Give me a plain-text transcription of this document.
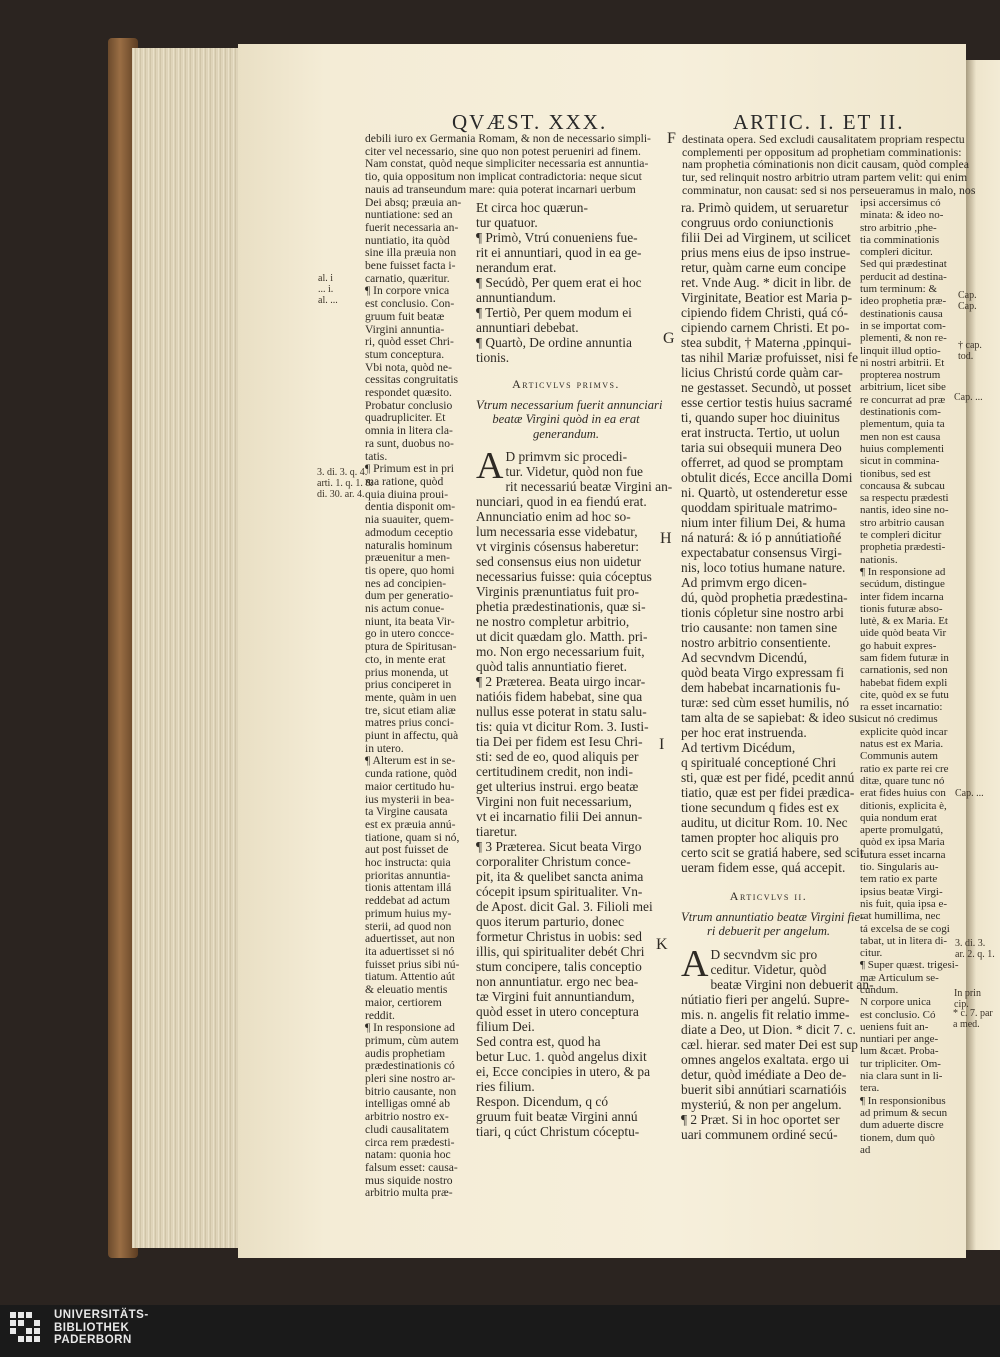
QVÆST. XXX.	ARTIC. I. ET II.

debili iuro ex Germania Romam, & non de necessario simpli-

citer vel necessario, sine quo non potest perueniri ad finem.

Nam constat, quòd neque simpliciter necessaria est annuntia-

tio, quia oppositum non implicat contradictoria: neque sicut

nauis ad transeundum mare: quia poterat incarnari uerbum

Dei absq; præuia an-

nuntiatione: sed an

fuerit necessaria an-

nuntiatio, ita quòd

sine illa præuia non

bene fuisset facta i-

carnatio, quæritur.

¶ In corpore vnica

est conclusio. Con-

gruum fuit beatæ

Virgini annuntia-

ri, quòd esset Chri-

stum conceptura.

Vbi nota, quòd ne-

cessitas congruitatis

respondet quæsito.

Probatur conclusio

quadrupliciter. Et

omnia in litera cla-

ra sunt, duobus no-

tatis.

¶ Primum est in pri

ma ratione, quòd

quia diuina proui-

dentia disponit om-

nia suauiter, quem-

admodum ceceptio

naturalis hominum

præuenitur a men-

tis opere, quo homi

nes ad concipien-

dum per generatio-

nis actum conue-

niunt, ita beata Vir-

go in utero concce-

ptura de Spiritusan-

cto, in mente erat

prius monenda, ut

prius conciperet in

mente, quàm in uen

tre, sicut etiam aliæ

matres prius conci-

piunt in affectu, quà

in utero.

¶ Alterum est in se-

cunda ratione, quòd

maior certitudo hu-

ius mysterii in bea-

ta Virgine causata

est ex præuia annú-

tiatione, quam si nó,

aut post fuisset de

hoc instructa: quia

prioritas annuntia-

tionis attentam illá

reddebat ad actum

primum huius my-

sterii, ad quod non

aduertisset, aut non

ita aduertisset si nó

fuisset prius sibi nú-

tiatum. Attentio aút

& eleuatio mentis

maior, certiorem

reddit.

¶ In responsione ad

primum, cùm autem

audis prophetiam

prædestinationis có

pleri sine nostro ar-

bitrio causante, non

intelligas omné ab

arbitrio nostro ex-

cludi causalitatem

circa rem prædesti-

natam: quonia hoc

falsum esset: causa-

mus siquide nostro

arbitrio multa præ-

F
G
H
I
K

Et circa hoc quærun-

tur quatuor.

¶ Primò, Vtrú conueniens fue-

rit ei annuntiari, quod in ea ge-

nerandum erat.

¶ Secúdò, Per quem erat ei hoc

annuntiandum.

¶ Tertiò, Per quem modum ei

annuntiari debebat.

¶ Quartò, De ordine annuntia

tionis.

Articvlvs primvs.

Vtrum necessarium fuerit annunciari

beatæ Virgini quòd in ea erat

generandum.

A D primvm sic procedi-

tur. Videtur, quòd non fue

rit necessariú beatæ Virgini an-

nunciari, quod in ea fiendú erat.

Annunciatio enim ad hoc so-

lum necessaria esse videbatur,

vt virginis cósensus haberetur:

sed consensus eius non uidetur

necessarius fuisse: quia cóceptus

Virginis prænuntiatus fuit pro-

phetia prædestinationis, quæ si-

ne nostro completur arbitrio,

ut dicit quædam glo. Matth. pri-

mo. Non ergo necessarium fuit,

quòd talis annuntiatio fieret.

¶ 2 Præterea. Beata uirgo incar-

natióis fidem habebat, sine qua

nullus esse poterat in statu salu-

tis: quia vt dicitur Rom. 3. Iusti-

tia Dei per fidem est Iesu Chri-

sti: sed de eo, quod aliquis per

certitudinem credit, non indi-

get ulterius instrui. ergo beatæ

Virgini non fuit necessarium,

vt ei incarnatio filii Dei annun-

tiaretur.

¶ 3 Præterea. Sicut beata Virgo

corporaliter Christum conce-

pit, ita & quelibet sancta anima

cócepit ipsum spiritualiter. Vn-

de Apost. dicit Gal. 3. Filioli mei

quos iterum parturio, donec

formetur Christus in uobis: sed

illis, qui spiritualiter debét Chri

stum concipere, talis conceptio

non annuntiatur. ergo nec bea-

tæ Virgini fuit annuntiandum,

quòd esset in utero conceptura

filium Dei.

Sed contra est, quod ha

betur Luc. 1. quòd angelus dixit

ei, Ecce concipies in utero, & pa

ries filium.

Respon. Dicendum, q có

gruum fuit beatæ Virgini annú

tiari, q cúct Christum cóceptu-

ra. Primò quidem, ut seruaretur

congruus ordo coniunctionis

filii Dei ad Virginem, ut scilicet

prius mens eius de ipso instrue-

retur, quàm carne eum concipe

ret. Vnde Aug. * dicit in libr. de

Virginitate, Beatior est Maria p-

cipiendo fidem Christi, quá có-

cipiendo carnem Christi. Et po-

stea subdit, † Materna ,ppinqui-

tas nihil Mariæ profuisset, nisi fe

licius Christú corde quàm car-

ne gestasset. Secundò, ut posset

esse certior testis huius sacramé

ti, quando super hoc diuinitus

erat instructa. Tertio, ut uolun

taria sui obsequii munera Deo

offerret, ad quod se promptam

obtulit dicés, Ecce ancilla Domi

ni. Quartò, ut ostenderetur esse

quoddam spirituale matrimo-

nium inter filium Dei, & huma

ná naturá: & ió p annútiatioñé

expectabatur consensus Virgi-

nis, loco totius humane nature.

Ad primvm ergo dicen-

dú, quòd prophetia prædestina-

tionis cópletur sine nostro arbi

trio causante: non tamen sine

nostro arbitrio consentiente.

Ad secvndvm Dicendú,

quòd beata Virgo expressam fi

dem habebat incarnationis fu-

turæ: sed cùm esset humilis, nó

tam alta de se sapiebat: & ideo su

per hoc erat instruenda.

Ad tertivm Dicédum,

q spiritualé conceptioné Chri

sti, quæ est per fidé, pcedit annú

tiatio, quæ est per fidei prædica-

tione secundum q fides est ex

auditu, ut dicitur Rom. 10. Nec

tamen propter hoc aliquis pro

certo scit se gratiá habere, sed scit

ueram fidem esse, quá accepit.

Articvlvs ii.

Vtrum annuntiatio beatæ Virgini fie-

ri debuerit per angelum.

A D secvndvm sic pro

ceditur. Videtur, quòd

beatæ Virgini non debuerit an-

nútiatio fieri per angelú. Supre-

mis. n. angelis fit relatio imme-

diate a Deo, ut Dion. * dicit 7. c.

cæl. hierar. sed mater Dei est sup

omnes angelos exaltata. ergo ui

detur, quòd imédiate a Deo de-

buerit sibi annútiari scarnatióis

mysteriú, & non per angelum.

¶ 2 Præt. Si in hoc oportet ser

uari communem ordiné secú-

destinata opera. Sed excludi causalitatem propriam respectu

complementi per oppositum ad prophetiam comminationis:

nam prophetia cóminationis non dicit causam, quòd complea

tur, sed relinquit nostro arbitrio utram partem velit: qui enim

comminatur, non causat: sed si nos perseueramus in malo, nos

ipsi accersimus có

minata: & ideo no-

stro arbitrio ,phe-

tia comminationis

compleri dicitur.

Sed qui prædestinat

perducit ad destina-

tum terminum: &

ideo prophetia præ-

destinationis causa

in se importat com-

plementi, & non re-

linquit illud optio-

ni nostri arbitrii. Et

propterea nostrum

arbitrium, licet sibe

re concurrat ad præ

destinationis com-

plementum, quia ta

men non est causa

huius complementi

sicut in commina-

tionibus, sed est

concausa & subcau

sa respectu prædesti

nantis, ideo sine no-

stro arbitrio causan

te compleri dicitur

prophetia prædesti-

nationis.

¶ In responsione ad

secúdum, distingue

inter fidem incarna

tionis futuræ abso-

lutè, & ex Maria. Et

uide quòd beata Vir

go habuit expres-

sam fidem futuræ in

carnationis, sed non

habebat fidem expli

cite, quòd ex se futu

ra esset incarnatio:

sicut nó credimus

explicite quòd incar

natus est ex Maria.

Communis autem

ratio ex parte rei cre

ditæ, quare tunc nó

erat fides huius con

ditionis, explicita è,

quia nondum erat

aperte promulgatú,

quòd ex ipsa Maria

futura esset incarna

tio. Singularis au-

tem ratio ex parte

ipsius beatæ Virgi-

nis fuit, quia ipsa e-

rat humillima, nec

tá excelsa de se cogi

tabat, ut in litera di-

citur.

¶ Super quæst. trigesi-

mæ Articulum se-

cundum.

N corpore unica

est conclusio. Có

ueniens fuit an-

nuntiari per ange-

lum &cæt. Proba-

tur tripliciter. Om-

nia clara sunt in li-

tera.

¶ In responsionibus

ad primum & secun

dum aduerte discre

tionem, dum quò

ad

al. i

... i.

al. ...

3. di. 3. q. 4.

arti. 1. q. 1. &

di. 30. ar. 4.

Cap.

Cap.

† cap.

tod.

Cap. ...

Cap. ...

3. di. 3.

ar. 2. q. 1.

In prin

cip.

* c. 7. par

a med.

UNIVERSITÄTS-

BIBLIOTHEK

PADERBORN
